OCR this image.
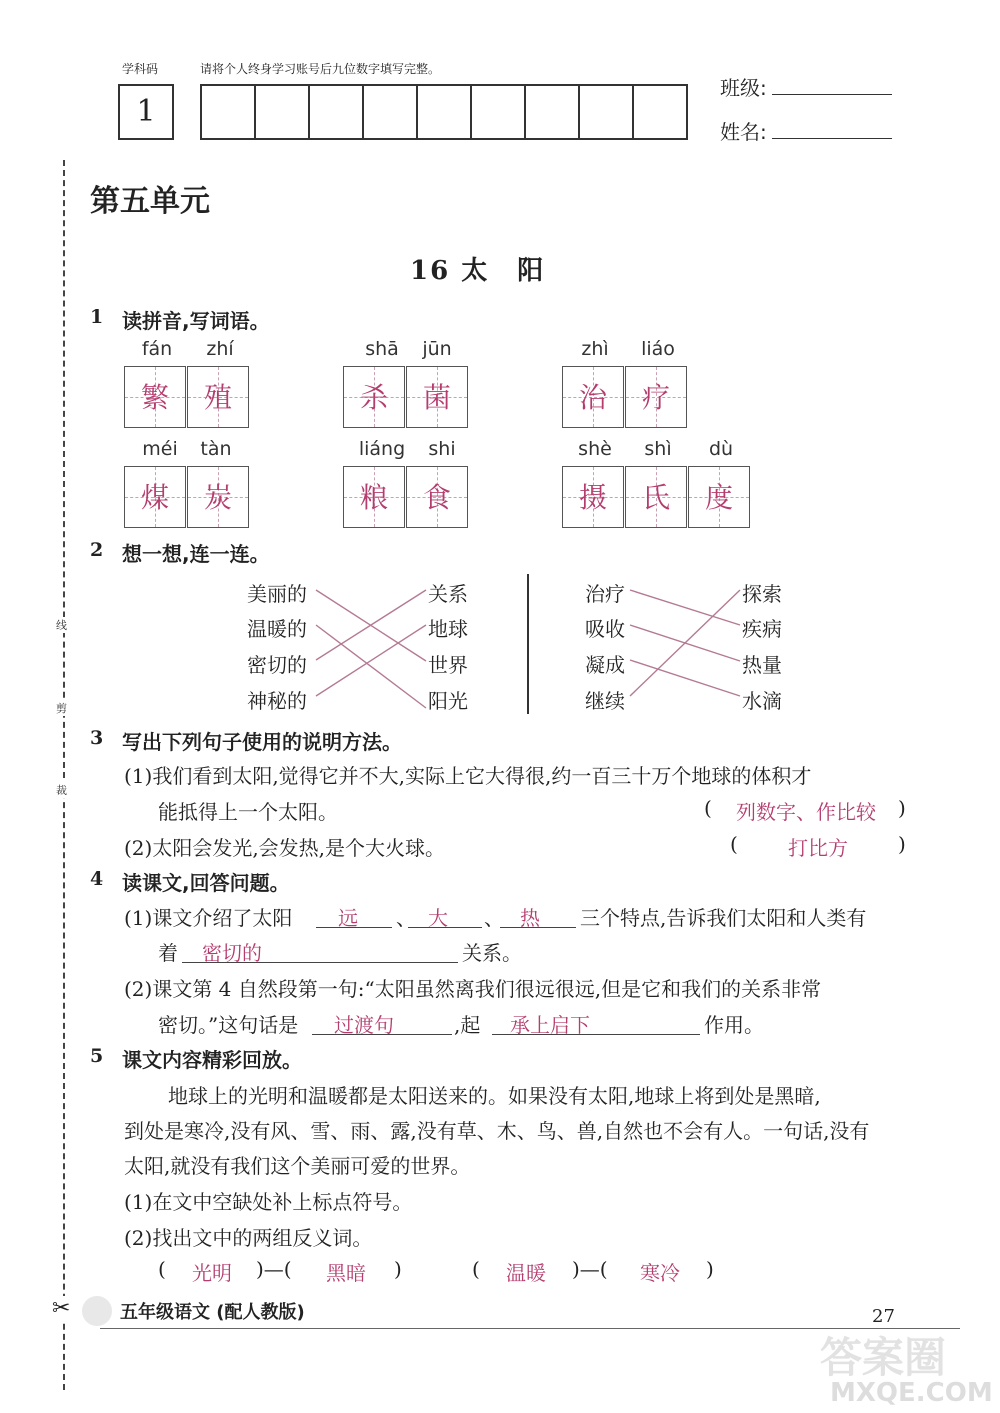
学科码	请将个人终身学习账号后九位数字填写完整。
1
班级:
姓名:
线
剪
裁
✂
第五单元
16 太　阳
1 读拼音,写词语。
fán	zhí
繁	殖
shā	jūn
杀	菌
zhì	liáo
治	疗
méi	tàn
煤	炭
liáng	shi
粮	食
shè	shì	dù
摄	氏	度
2 想一想,连一连。
美丽的
温暖的
密切的
神秘的
关系
地球
世界
阳光
治疗
吸收
凝成
继续
探索
疾病
热量
水滴
3 写出下列句子使用的说明方法。
(1)我们看到太阳,觉得它并不大,实际上它大得很,约一百三十万个地球的体积才
能抵得上一个太阳。	( 列数字、作比较 )
(2)太阳会发光,会发热,是个大火球。	(	打比方	)
4 读课文,回答问题。
(1)课文介绍了太阳 远 、 大 、 热 三个特点,告诉我们太阳和人类有
着 密切的	关系。
(2)课文第 4 自然段第一句:“太阳虽然离我们很远很远,但是它和我们的关系非常
密切。”这句话是 过渡句	,起 承上启下	作用。
5 课文内容精彩回放。
地球上的光明和温暖都是太阳送来的。如果没有太阳,地球上将到处是黑暗,
到处是寒冷,没有风、雪、雨、露,没有草、木、鸟、兽,自然也不会有人。一句话,没有
太阳,就没有我们这个美丽可爱的世界。
(1)在文中空缺处补上标点符号。
(2)找出文中的两组反义词。
( 光明 )—( 黑暗 )	( 温暖 )—( 寒冷 )
五年级语文 (配人教版)	27
答案圈
MXQE.COM
